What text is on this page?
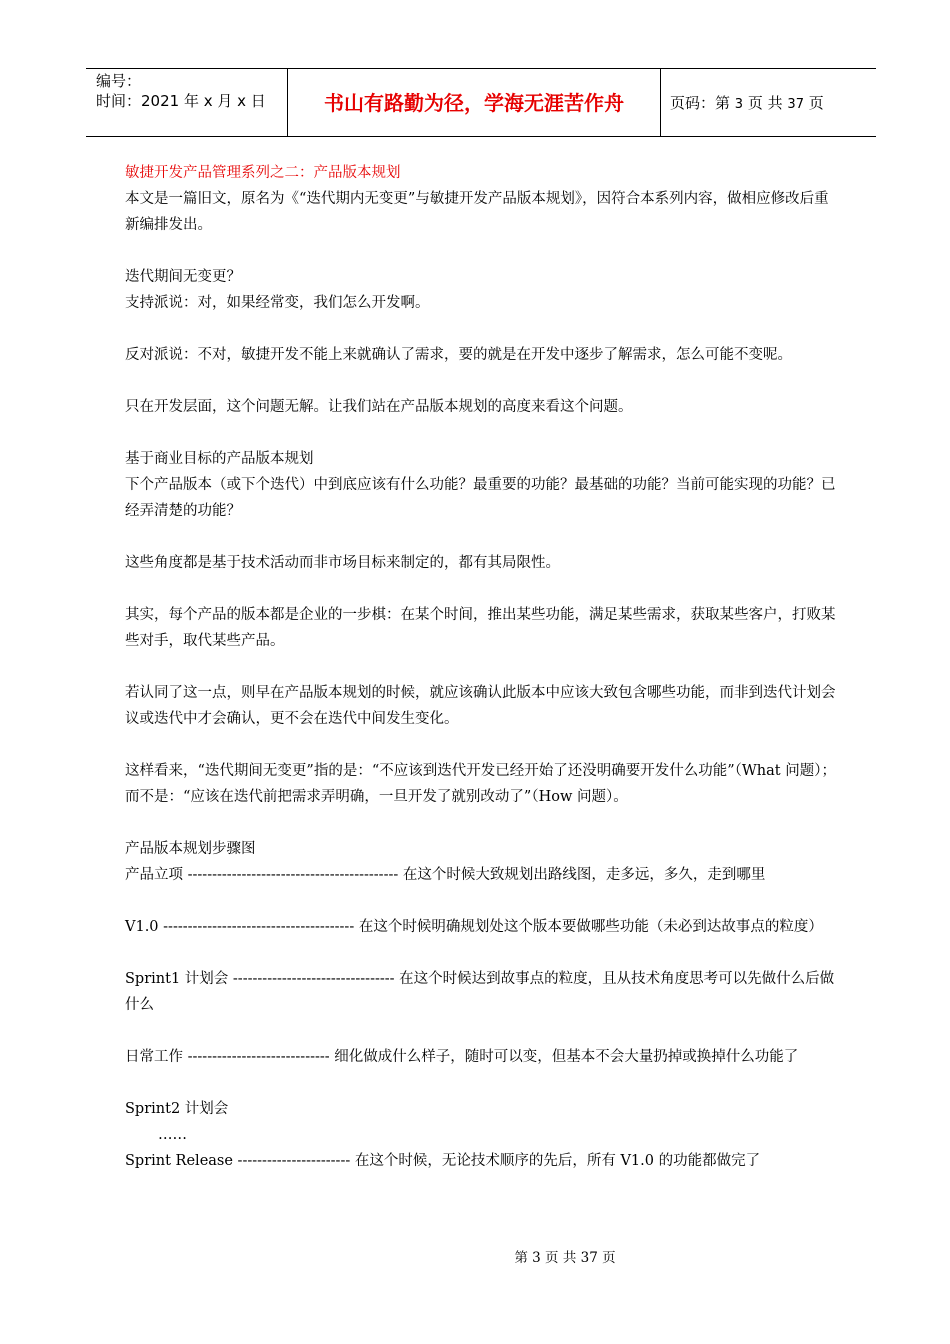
编号：
时间：2021 年 x 月 x 日	书山有路勤为径，学海无涯苦作舟	页码：第 3 页 共 37 页

敏捷开发产品管理系列之二：产品版本规划

本文是一篇旧文，原名为《“迭代期内无变更”与敏捷开发产品版本规划》，因符合本系列内容，做相应修改后重新编排发出。

迭代期间无变更？

支持派说：对，如果经常变，我们怎么开发啊。

反对派说：不对，敏捷开发不能上来就确认了需求，要的就是在开发中逐步了解需求，怎么可能不变呢。

只在开发层面，这个问题无解。让我们站在产品版本规划的高度来看这个问题。

基于商业目标的产品版本规划

下个产品版本（或下个迭代）中到底应该有什么功能？最重要的功能？最基础的功能？当前可能实现的功能？已经弄清楚的功能？

这些角度都是基于技术活动而非市场目标来制定的，都有其局限性。

其实，每个产品的版本都是企业的一步棋：在某个时间，推出某些功能，满足某些需求，获取某些客户，打败某些对手，取代某些产品。

若认同了这一点，则早在产品版本规划的时候，就应该确认此版本中应该大致包含哪些功能，而非到迭代计划会议或迭代中才会确认，更不会在迭代中间发生变化。

这样看来，“迭代期间无变更”指的是：“不应该到迭代开发已经开始了还没明确要开发什么功能”（What 问题）；而不是：“应该在迭代前把需求弄明确，一旦开发了就别改动了”（How 问题）。

产品版本规划步骤图

产品立项 ------------------------------------------- 在这个时候大致规划出路线图，走多远，多久，走到哪里

V1.0 --------------------------------------- 在这个时候明确规划处这个版本要做哪些功能（未必到达故事点的粒度）

Sprint1 计划会 --------------------------------- 在这个时候达到故事点的粒度，且从技术角度思考可以先做什么后做什么

日常工作 ----------------------------- 细化做成什么样子，随时可以变，但基本不会大量扔掉或换掉什么功能了

Sprint2 计划会

……

Sprint Release ----------------------- 在这个时候，无论技术顺序的先后，所有 V1.0 的功能都做完了

第 3 页 共 37 页
